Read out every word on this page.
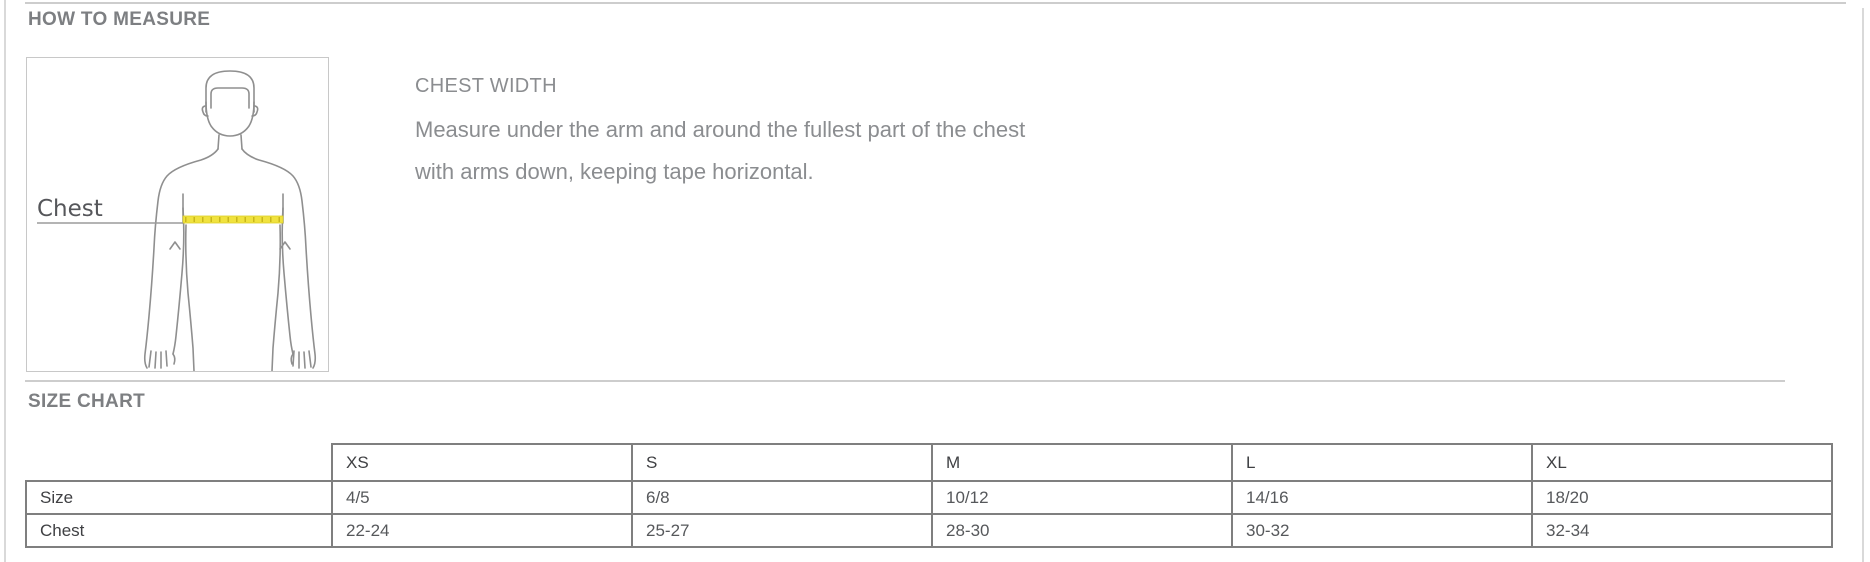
HOW TO MEASURE
Chest
CHEST WIDTH
Measure under the arm and around the fullest part of the chest
with arms down, keeping tape horizontal.
SIZE CHART
	XS	S	M	L	XL
Size	4/5	6/8	10/12	14/16	18/20
Chest	22-24	25-27	28-30	30-32	32-34
